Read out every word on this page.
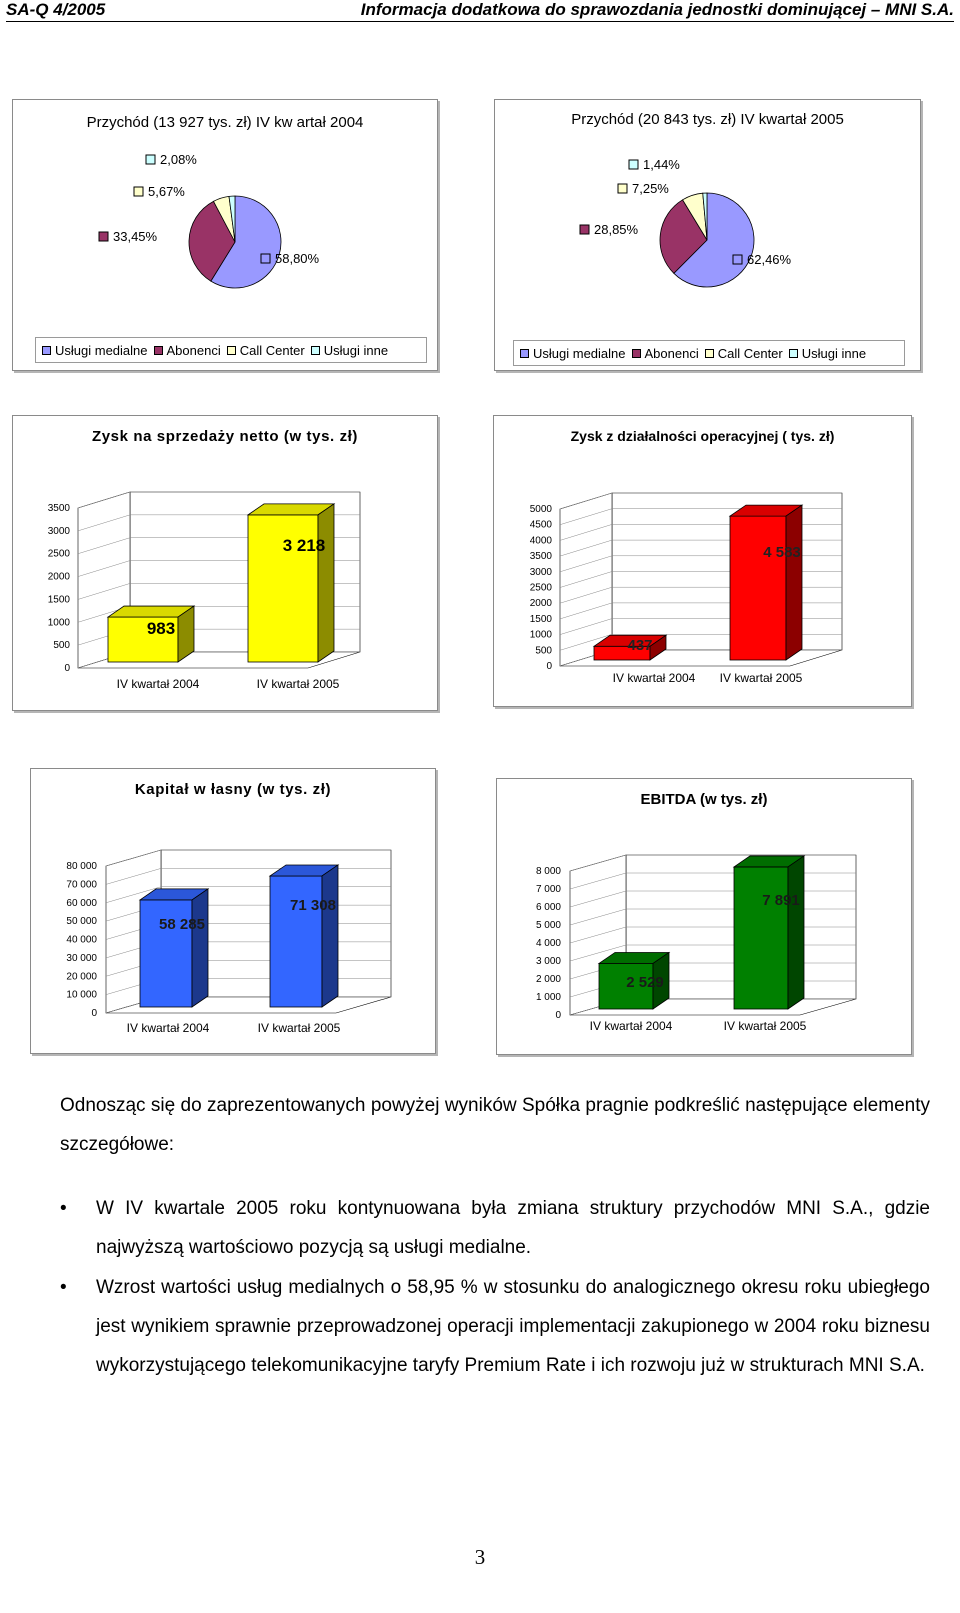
SA-Q 4/2005	Informacja dodatkowa do sprawozdania jednostki dominującej – MNI S.A.
Przychód (13 927 tys. zł) IV kw artał 2004
58,80%
33,45%
5,67%
2,08%
Usługi medialne Abonenci Call Center Usługi inne
Przychód (20 843 tys. zł) IV kwartał 2005
62,46%
28,85%
7,25%
1,44%
Usługi medialne Abonenci Call Center Usługi inne
Zysk na sprzedaży netto (w tys. zł)
0
500
1000
1500
2000
2500
3000
3500
983
IV kwartał 2004
3 218
IV kwartał 2005
Zysk z działalności operacyjnej ( tys. zł)
0
500
1000
1500
2000
2500
3000
3500
4000
4500
5000
437
IV kwartał 2004
4 583
IV kwartał 2005
Kapitał w łasny (w tys. zł)
0
10 000
20 000
30 000
40 000
50 000
60 000
70 000
80 000
58 285
IV kwartał 2004
71 308
IV kwartał 2005
EBITDA (w tys. zł)
0
1 000
2 000
3 000
4 000
5 000
6 000
7 000
8 000
2 529
IV kwartał 2004
7 891
IV kwartał 2005
Odnosząc się do zaprezentowanych powyżej wyników Spółka pragnie podkreślić następujące elementy szczegółowe:
• W IV kwartale 2005 roku kontynuowana była zmiana struktury przychodów MNI S.A., gdzie najwyższą wartościowo pozycją są usługi medialne.
• Wzrost wartości usług medialnych o 58,95 % w stosunku do analogicznego okresu roku ubiegłego jest wynikiem sprawnie przeprowadzonej operacji implementacji zakupionego w 2004 roku biznesu wykorzystującego telekomunikacyjne taryfy Premium Rate i ich rozwoju już w strukturach MNI S.A.
3
